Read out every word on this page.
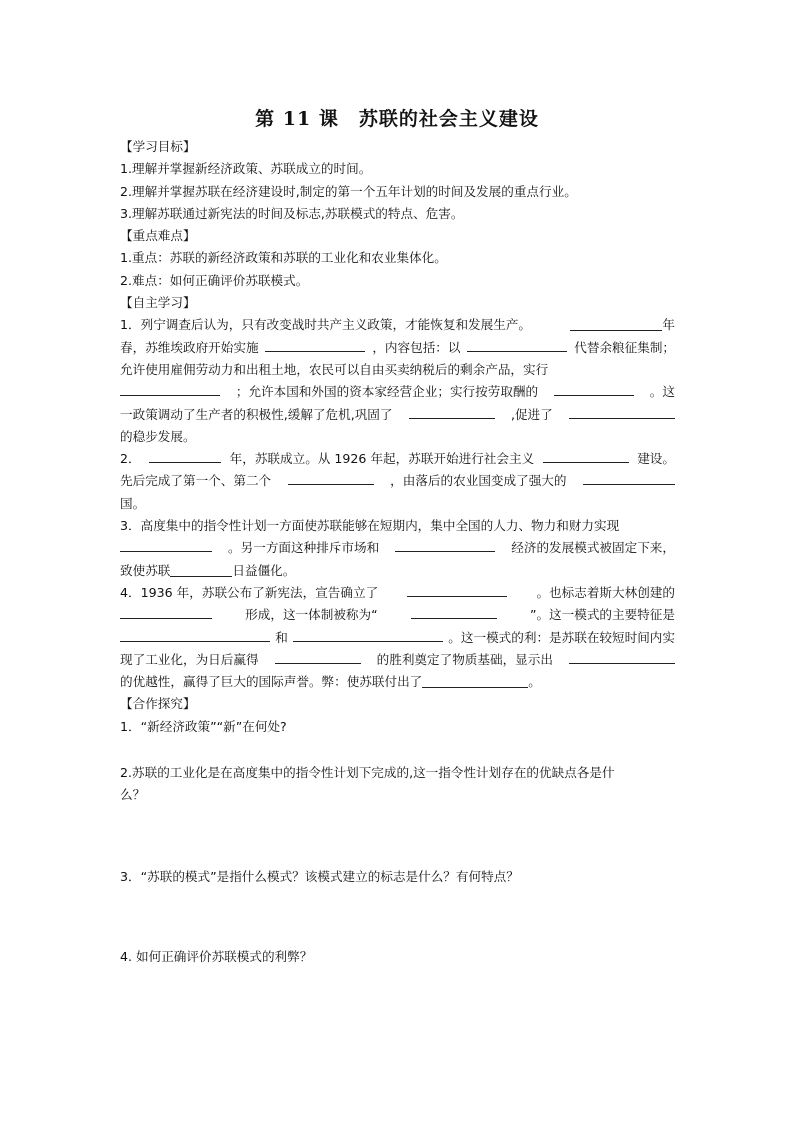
第 11 课　苏联的社会主义建设
【学习目标】
1.理解并掌握新经济政策、苏联成立的时间。
2.理解并掌握苏联在经济建设时,制定的第一个五年计划的时间及发展的重点行业。
3.理解苏联通过新宪法的时间及标志,苏联模式的特点、危害。
【重点难点】
1.重点：苏联的新经济政策和苏联的工业化和农业集体化。
2.难点：如何正确评价苏联模式。
【自主学习】
1．列宁调查后认为，只有改变战时共产主义政策，才能恢复和发展生产。	年
春，苏维埃政府开始实施	，内容包括：以	代替余粮征集制；
允许使用雇佣劳动力和出租土地，农民可以自由买卖纳税后的剩余产品，实行
；允许本国和外国的资本家经营企业；实行按劳取酬的	。这
一政策调动了生产者的积极性,缓解了危机,巩固了	,促进了
的稳步发展。
2．	年，苏联成立。从 1926 年起，苏联开始进行社会主义	建设。
先后完成了第一个、第二个	，由落后的农业国变成了强大的
国。
3．高度集中的指令性计划一方面使苏联能够在短期内，集中全国的人力、物力和财力实现
。另一方面这种排斥市场和	经济的发展模式被固定下来，
致使苏联	日益僵化。
4．1936 年，苏联公布了新宪法，宣告确立了	。也标志着斯大林创建的
形成，这一体制被称为“	”。这一模式的主要特征是
和	。这一模式的利：是苏联在较短时间内实
现了工业化，为日后赢得	的胜利奠定了物质基础，显示出
的优越性，赢得了巨大的国际声誉。弊：使苏联付出了	。
【合作探究】
1．“新经济政策”“新”在何处?
2.苏联的工业化是在高度集中的指令性计划下完成的,这一指令性计划存在的优缺点各是什
么？
3．“苏联的模式”是指什么模式？该模式建立的标志是什么？有何特点？
4. 如何正确评价苏联模式的利弊？
